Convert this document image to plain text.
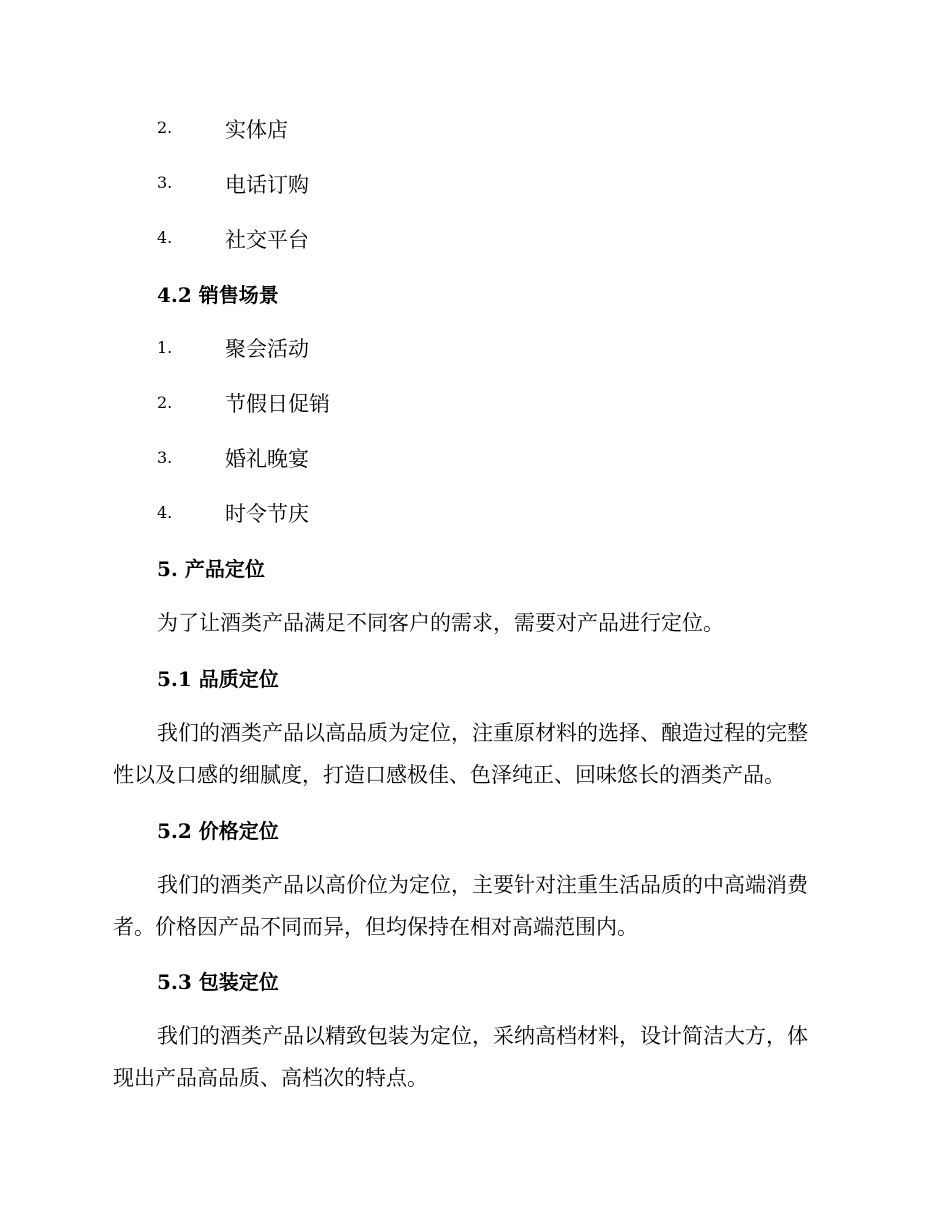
2.	实体店
3.	电话订购
4.	社交平台
4.2 销售场景
1.	聚会活动
2.	节假日促销
3.	婚礼晚宴
4.	时令节庆
5. 产品定位
为了让酒类产品满足不同客户的需求，需要对产品进行定位。
5.1 品质定位
我们的酒类产品以高品质为定位，注重原材料的选择、酿造过程的完整
性以及口感的细腻度，打造口感极佳、色泽纯正、回味悠长的酒类产品。
5.2 价格定位
我们的酒类产品以高价位为定位，主要针对注重生活品质的中高端消费
者。价格因产品不同而异，但均保持在相对高端范围内。
5.3 包装定位
我们的酒类产品以精致包装为定位，采纳高档材料，设计简洁大方，体
现出产品高品质、高档次的特点。
